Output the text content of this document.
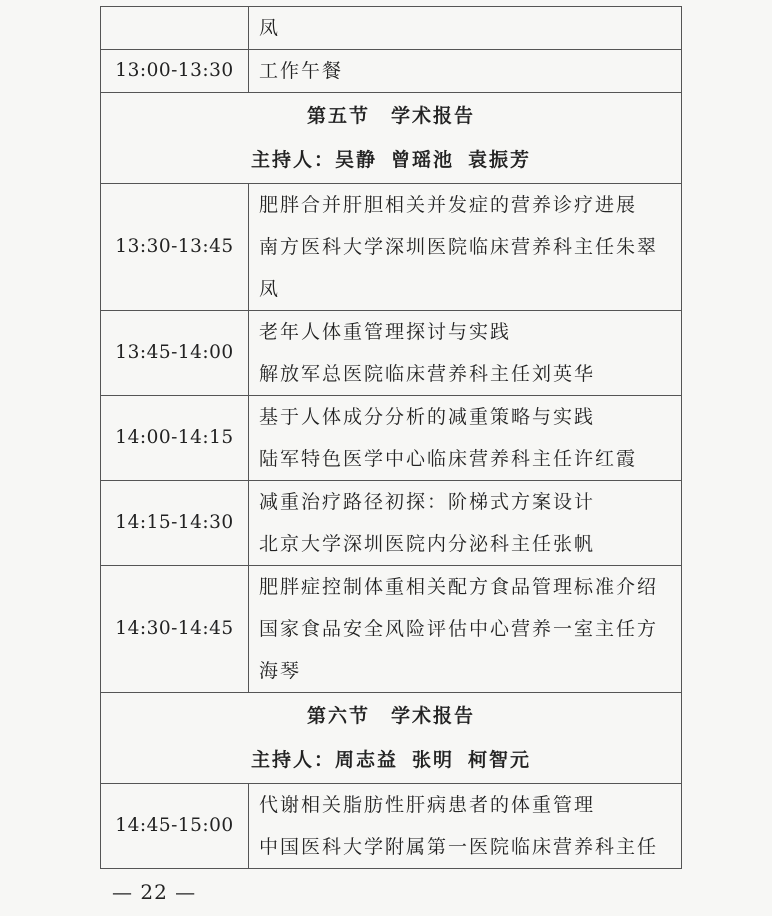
	凤

13:00-13:30	工作午餐

第五节　学术报告
主持人：吴静 曾瑶池 袁振芳	

13:30-13:45	肥胖合并肝胆相关并发症的营养诊疗进展
南方医科大学深圳医院临床营养科主任朱翠
凤

13:45-14:00	老年人体重管理探讨与实践
解放军总医院临床营养科主任刘英华

14:00-14:15	基于人体成分分析的减重策略与实践
陆军特色医学中心临床营养科主任许红霞

14:15-14:30	减重治疗路径初探：阶梯式方案设计
北京大学深圳医院内分泌科主任张帆

14:30-14:45	肥胖症控制体重相关配方食品管理标准介绍
国家食品安全风险评估中心营养一室主任方
海琴

第六节　学术报告
主持人：周志益 张明 柯智元	

14:45-15:00	代谢相关脂肪性肝病患者的体重管理
中国医科大学附属第一医院临床营养科主任
— 22 —
